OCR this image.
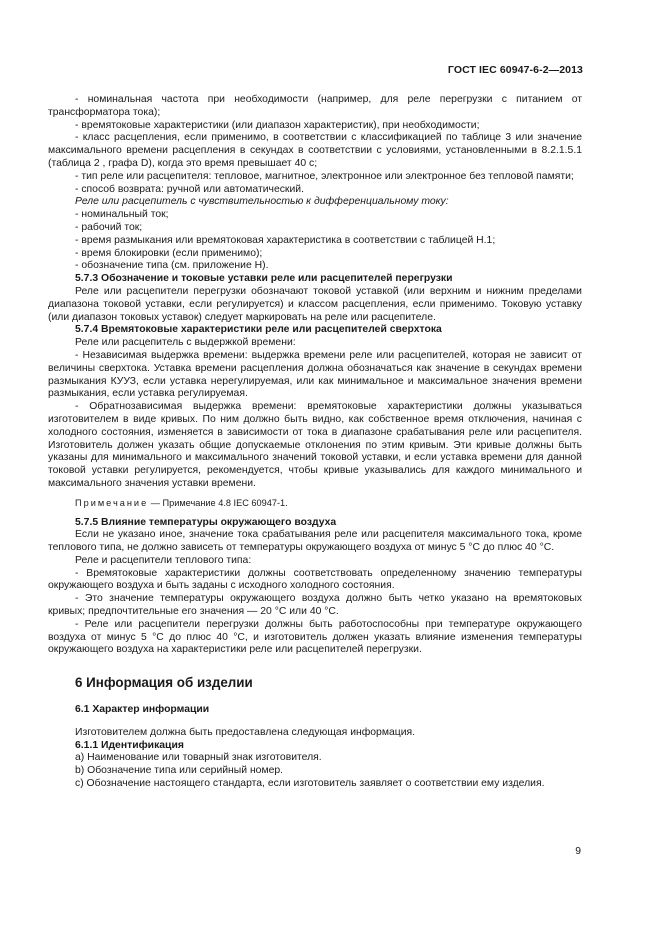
ГОСТ IEC 60947-6-2—2013

- номинальная частота при необходимости (например, для реле перегрузки с питанием от трансформатора тока);

- времятоковые характеристики (или диапазон характеристик), при необходимости;

- класс расцепления, если применимо, в соответствии с классификацией по таблице 3 или значение максимального времени расцепления в секундах в соответствии с условиями, установленными в 8.2.1.5.1 (таблица 2 , графа D), когда это время превышает 40 с;

- тип реле или расцепителя: тепловое, магнитное, электронное или электронное без тепловой памяти;

- способ возврата: ручной или автоматический.

Реле или расцепитель с чувствительностью к дифференциальному току:

- номинальный ток;

- рабочий ток;

- время размыкания или времятоковая характеристика в соответствии с таблицей Н.1;

- время блокировки (если применимо);

- обозначение типа (см. приложение Н).

5.7.3 Обозначение и токовые уставки реле или расцепителей перегрузки

Реле или расцепители перегрузки обозначают токовой уставкой (или верхним и нижним пределами диапазона токовой уставки, если регулируется) и классом расцепления, если применимо. Токовую уставку (или диапазон токовых уставок) следует маркировать на реле или расцепителе.

5.7.4 Времятоковые характеристики реле или расцепителей сверхтока

Реле или расцепитель с выдержкой времени:

- Независимая выдержка времени: выдержка времени реле или расцепителей, которая не зависит от величины сверхтока. Уставка времени расцепления должна обозначаться как значение в секундах времени размыкания КУУЗ, если уставка нерегулируемая, или как минимальное и максимальное значения времени размыкания, если уставка регулируемая.

- Обратнозависимая выдержка времени: времятоковые характеристики должны указываться изготовителем в виде кривых. По ним должно быть видно, как собственное время отключения, начиная с холодного состояния, изменяется в зависимости от тока в диапазоне срабатывания реле или расцепителя. Изготовитель должен указать общие допускаемые отклонения по этим кривым. Эти кривые должны быть указаны для минимального и максимального значений токовой уставки, и если уставка времени для данной токовой уставки регулируется, рекомендуется, чтобы кривые указывались для каждого минимального и максимального значения уставки времени.

Примечание — Примечание 4.8 IEC 60947-1.

5.7.5 Влияние температуры окружающего воздуха

Если не указано иное, значение тока срабатывания реле или расцепителя максимального тока, кроме теплового типа, не должно зависеть от температуры окружающего воздуха от минус 5 °C до плюс 40 °C.

Реле и расцепители теплового типа:

- Времятоковые характеристики должны соответствовать определенному значению температуры окружающего воздуха и быть заданы с исходного холодного состояния.

- Это значение температуры окружающего воздуха должно быть четко указано на времятоковых кривых; предпочтительные его значения — 20 °C или 40 °C.

- Реле или расцепители перегрузки должны быть работоспособны при температуре окружающего воздуха от минус 5 °C до плюс 40 °C, и изготовитель должен указать влияние изменения температуры окружающего воздуха на характеристики реле или расцепителей перегрузки.

6 Информация об изделии

6.1 Характер информации

Изготовителем должна быть предоставлена следующая информация.

6.1.1 Идентификация

a) Наименование или товарный знак изготовителя.

b) Обозначение типа или серийный номер.

c) Обозначение настоящего стандарта, если изготовитель заявляет о соответствии ему изделия.

9
